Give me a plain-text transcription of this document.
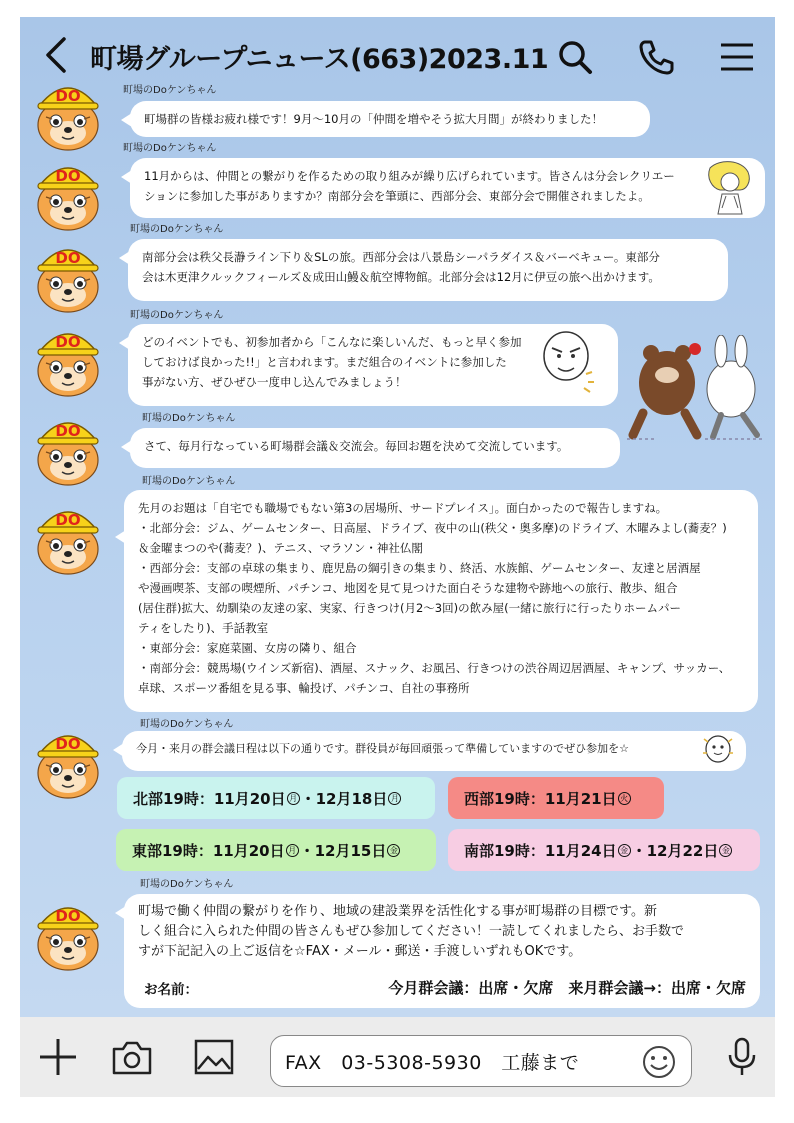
町場グループニュース(663)2023.11
町場のDoケンちゃん
DO

町場群の皆様お疲れ様です！9月～10月の「仲間を増やそう拡大月間」が終わりました！

町場のDoケンちゃん
DO	11月からは、仲間との繋がりを作るための取り組みが繰り広げられています。皆さんは分会レクリエー

ションに参加した事がありますか？南部分会を筆頭に、西部分会、東部分会で開催されましたよ。

町場のDoケンちゃん
DO	南部分会は秩父長瀞ライン下り＆SLの旅。西部分会は八景島シーパラダイス＆バーベキュー。東部分

会は木更津クルックフィールズ＆成田山鰻＆航空博物館。北部分会は12月に伊豆の旅へ出かけます。

町場のDoケンちゃん
DO	どのイベントでも、初参加者から「こんなに楽しいんだ、もっと早く参加

しておけば良かった!!」と言われます。まだ組合のイベントに参加した

事がない方、ぜひぜひ一度申し込んでみましょう！

町場のDoケンちゃん
DO

さて、毎月行なっている町場群会議＆交流会。毎回お題を決めて交流しています。

町場のDoケンちゃん
DO

先月のお題は「自宅でも職場でもない第3の居場所、サードプレイス」。面白かったので報告しますね。

・北部分会：ジム、ゲームセンター、日高屋、ドライブ、夜中の山(秩父・奥多摩)のドライブ、木曜みよし(蕎麦？)

＆金曜まつのや(蕎麦？)、テニス、マラソン・神社仏閣

・西部分会：支部の卓球の集まり、鹿児島の綱引きの集まり、終活、水族館、ゲームセンター、友達と居酒屋

や漫画喫茶、支部の喫煙所、パチンコ、地図を見て見つけた面白そうな建物や跡地への旅行、散歩、組合

(居住群)拡大、幼馴染の友達の家、実家、行きつけ(月2～3回)の飲み屋(一緒に旅行に行ったりホームパー

ティをしたり)、手話教室

・東部分会：家庭菜園、女房の隣り、組合

・南部分会：競馬場(ウインズ新宿)、酒屋、スナック、お風呂、行きつけの渋谷周辺居酒屋、キャンプ、サッカー、

卓球、スポーツ番組を見る事、輪投げ、パチンコ、自社の事務所

町場のDoケンちゃん
DO	今月・来月の群会議日程は以下の通りです。群役員が毎回頑張って準備していますのでぜひ参加を☆

北部19時：11月20日 月 ・12月18日 月	西部19時：11月21日 火
東部19時：11月20日 月 ・12月15日 金	南部19時：11月24日 金 ・12月22日 金
町場のDoケンちゃん
DO	町場で働く仲間の繋がりを作り、地域の建設業界を活性化する事が町場群の目標です。新

しく組合に入られた仲間の皆さんもぜひ参加してください！一読してくれましたら、お手数で

すが下記記入の上ご返信を☆FAX・メール・郵送・手渡しいずれもOKです。

お名前：	今月群会議：出席・欠席　来月群会議→：出席・欠席
FAX　03-5308-5930　工藤まで
